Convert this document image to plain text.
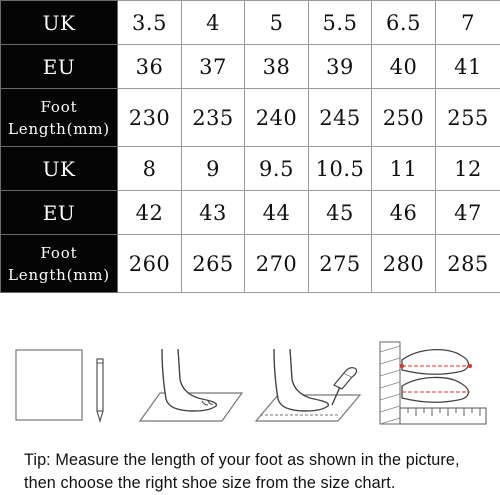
UK	3.5	4	5	5.5	6.5	7

EU	36	37	38	39	40	41

Foot
Length(mm)	230	235	240	245	250	255

UK	8	9	9.5	10.5	11	12

EU	42	43	44	45	46	47

Foot
Length(mm)	260	265	270	275	280	285
Tip: Measure the length of your foot as shown in the picture,
then choose the right shoe size from the size chart.
